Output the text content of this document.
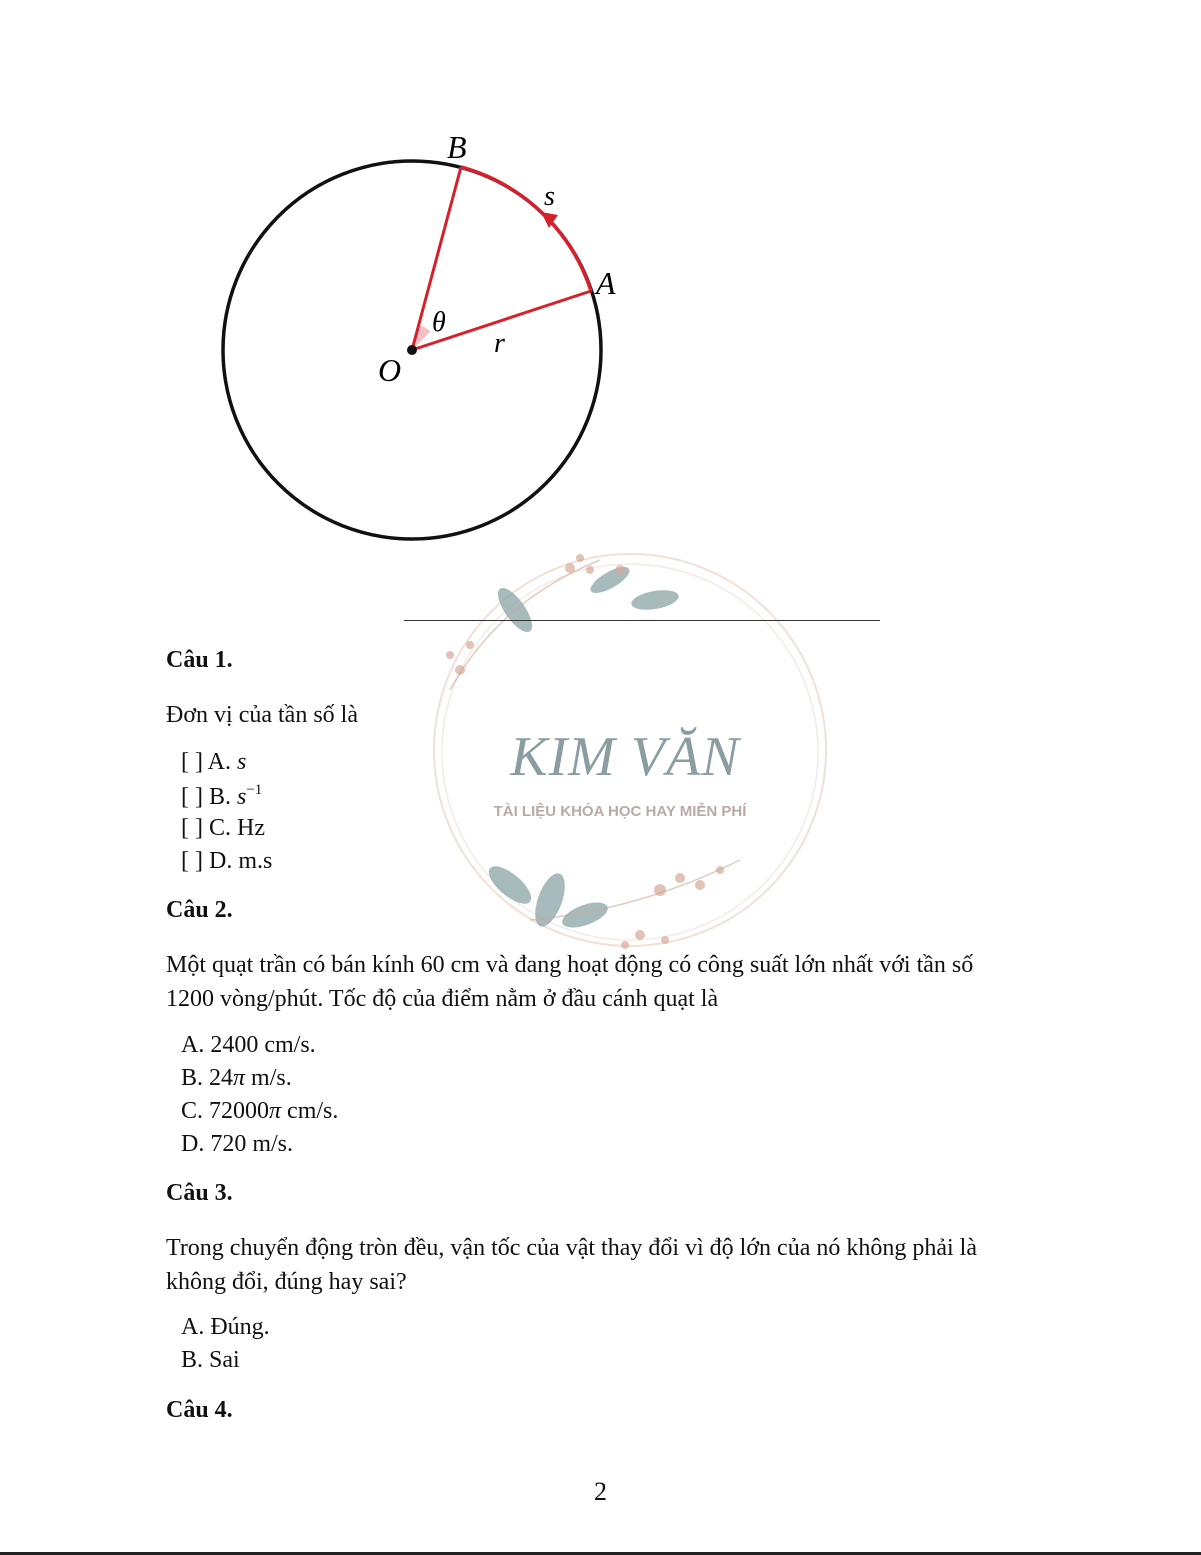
B
A
O
s
θ
r
KIM VĂN
TÀI LIỆU KHÓA HỌC HAY MIỄN PHÍ
Câu 1.
Đơn vị của tần số là
[ ] A. s
[ ] B. $s^{-1}$
[ ] C. Hz
[ ] D. m.s
Câu 2.
Một quạt trần có bán kính 60 cm và đang hoạt động có công suất lớn nhất với tần số
1200 vòng/phút. Tốc độ của điểm nằm ở đầu cánh quạt là
A. 2400 cm/s.
B. 24π m/s.
C. 72000π cm/s.
D. 720 m/s.
Câu 3.
Trong chuyển động tròn đều, vận tốc của vật thay đổi vì độ lớn của nó không phải là
không đổi, đúng hay sai?
A. Đúng.
B. Sai
Câu 4.
2
